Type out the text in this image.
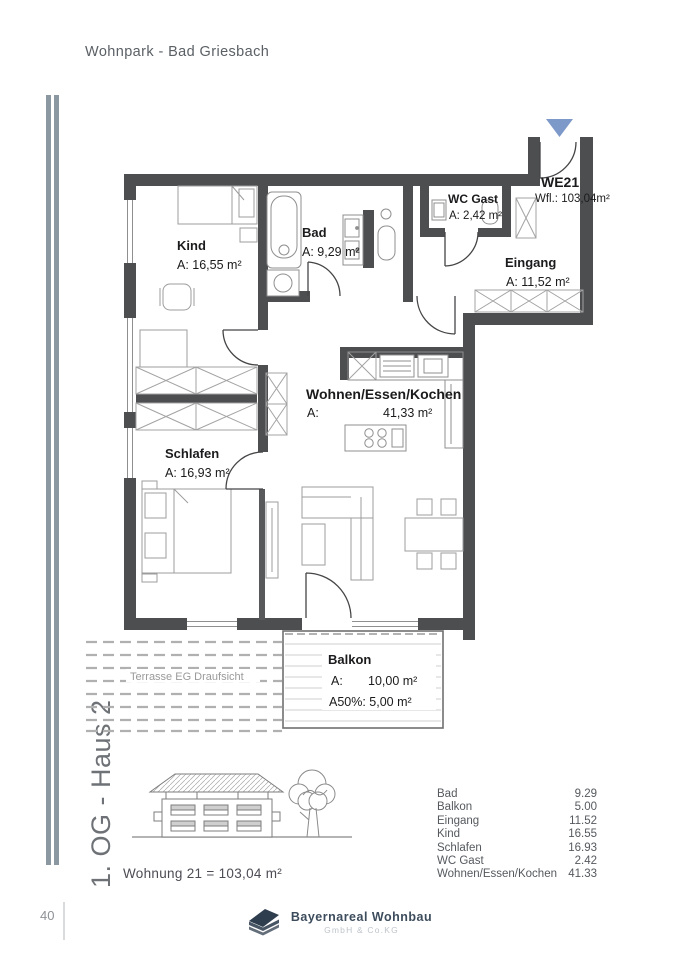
Wohnpark - Bad Griesbach
1. OG - Haus 2
WE21
Wfl.: 103,04m²
Kind
A: 16,55 m²
Bad
A: 9,29 m²
WC Gast
A: 2,42 m²
Eingang
A: 11,52 m²
Wohnen/Essen/Kochen
A:	41,33 m²
Schlafen
A: 16,93 m²
Balkon
A: 10,00 m²
A50%: 5,00 m²
Terrasse EG Draufsicht
Wohnung 21 = 103,04 m²
Bad	9.29
Balkon	5.00
Eingang	11.52
Kind	16.55
Schlafen	16.93
WC Gast	2.42
Wohnen/Essen/Kochen 41.33
40	Bayernareal Wohnbau
GmbH & Co.KG
